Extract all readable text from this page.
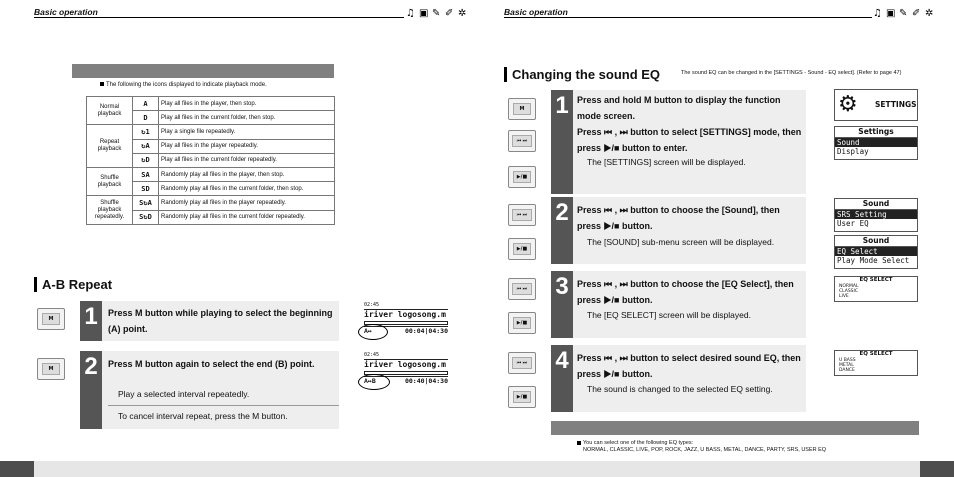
Basic operation	♫ ▣ ✎ ✐ ✲
The following the icons displayed to indicate playback mode.
Normal playback	A	Play all files in the player, then stop.
	D	Play all files in the current folder, then stop.
Repeat playback	↻1	Play a single file repeatedly.
	↻A	Play all files in the player repeatedly.
	↻D	Play all files in the current folder repeatedly.
Shuffle playback	SA	Randomly play all files in the player, then stop.
	SD	Randomly play all files in the current folder, then stop.
Shuffle playback repeatedly.	S↻A	Randomly play all files in the player repeatedly.
	S↻D	Randomly play all files in the current folder repeatedly.
A-B Repeat
M 1	Press M button while playing to select the beginning (A) point.
02:45
iriver logosong.m
A↔	00:04|04:30
M 2	Press M button again to select the end (B) point.
Play a selected interval repeatedly.
To cancel interval repeat, press the M button.
02:45
iriver logosong.m
A↔B	00:40|04:30
Basic operation	♫ ▣ ✎ ✐ ✲
Changing the sound EQ	The sound EQ can be changed in the [SETTINGS - Sound - EQ select]. (Refer to page 47)
M
⏮ ⏭
▶/■
1 Press and hold M button to display the function mode screen.
Press ⏮ , ⏭ button to select [SETTINGS] mode, then press ▶/■ button to enter.
The [SETTINGS] screen will be displayed.
⚙ SETTINGS
Settings
Sound
Display
⏮ ⏭
▶/■
2 Press ⏮ , ⏭ button to choose the [Sound], then press ▶/■ button.
The [SOUND] sub-menu screen will be displayed.
Sound
SRS Setting
User EQ
Sound
EQ Select
Play Mode Select
⏮ ⏭
▶/■
3 Press ⏮ , ⏭ button to choose the [EQ Select], then press ▶/■ button.
The [EQ SELECT] screen will be displayed.
EQ SELECT
NORMAL
CLASSIC
LIVE
⏮ ⏭
▶/■
4 Press ⏮ , ⏭ button to select desired sound EQ, then press ▶/■ button.
The sound is changed to the selected EQ setting.
EQ SELECT
U BASS
METAL
DANCE
You can select one of the following EQ types:
NORMAL, CLASSIC, LIVE, POP, ROCK, JAZZ, U BASS, METAL, DANCE, PARTY, SRS, USER EQ
